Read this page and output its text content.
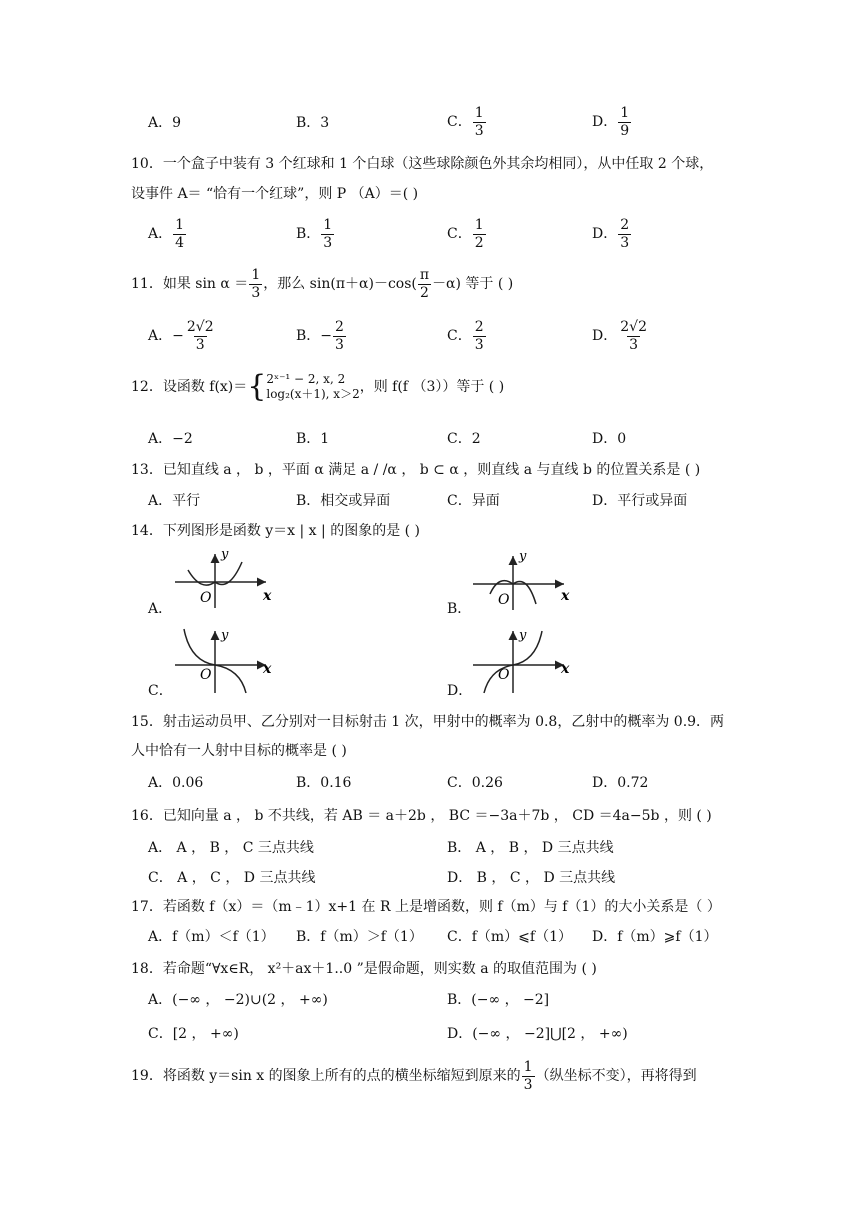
A． 9	B． 3	C． $\frac{1}{3}$	D． $\frac{1}{9}$
10．一个盒子中装有 3 个红球和 1 个白球（这些球除颜色外其余均相同），从中任取 2 个球，
设事件 A＝ “恰有一个红球”，则 P （A）＝( )
A． $\frac{1}{4}$	B． $\frac{1}{3}$	C． $\frac{1}{2}$	D． $\frac{2}{3}$
11．如果 $\sin \alpha = \frac{1}{3}$ ，那么 $\sin(\pi+\alpha)-\cos( \frac{\pi}{2} -\alpha)$ 等于 ( )
A． − $\frac{2√2}{3}$	B． − $\frac{2}{3}$	C． $\frac{2}{3}$	D． $\frac{2√2}{3}$
12．设函数 f(x)＝ { 2ˣ⁻¹ − 2, x, 2
log₂(x＋1), x＞2 ，则 f(f （3））等于 ( )
A． −2	B． 1	C． 2	D． 0
13．已知直线 a ， b ，平面 α 满足 a / /α ， b ⊂ α ，则直线 a 与直线 b 的位置关系是 ( )
A．平行	B．相交或异面	C．异面	D．平行或异面
14．下列图形是函数 y＝x | x | 的图象的是 ( )
A．
y
x
O
B．
y
x
O
C．
y
x
O
D．
y
x
O
15．射击运动员甲、乙分别对一目标射击 1 次，甲射中的概率为 0.8，乙射中的概率为 0.9．两
人中恰有一人射中目标的概率是 ( )
A．0.06	B．0.16	C．0.26	D．0.72
16．已知向量 a ， b 不共线，若 AB ＝ a＋2b ， BC ＝−3a＋7b ， CD ＝4a−5b ，则 ( )
A． A ， B ， C 三点共线	B． A ， B ， D 三点共线
C． A ， C ， D 三点共线	D． B ， C ， D 三点共线
17．若函数 f（x）＝（m﹣1）x+1 在 R 上是增函数，则 f（m）与 f（1）的大小关系是（ ）
A．f（m）＜f（1） B．f（m）＞f（1） C．f（m）⩽f（1） D．f（m）⩾f（1）
18．若命题“∀x∈R， x²＋ax＋1..0 ”是假命题，则实数 a 的取值范围为 ( )
A．(−∞ ， −2)∪(2 ， +∞)	B．(−∞ ， −2]
C．[2 ， +∞)	D．(−∞ ， −2]⋃[2 ， +∞)
19．将函数 y＝sin x 的图象上所有的点的横坐标缩短到原来的 $\frac{1}{3}$ （纵坐标不变），再将得到
